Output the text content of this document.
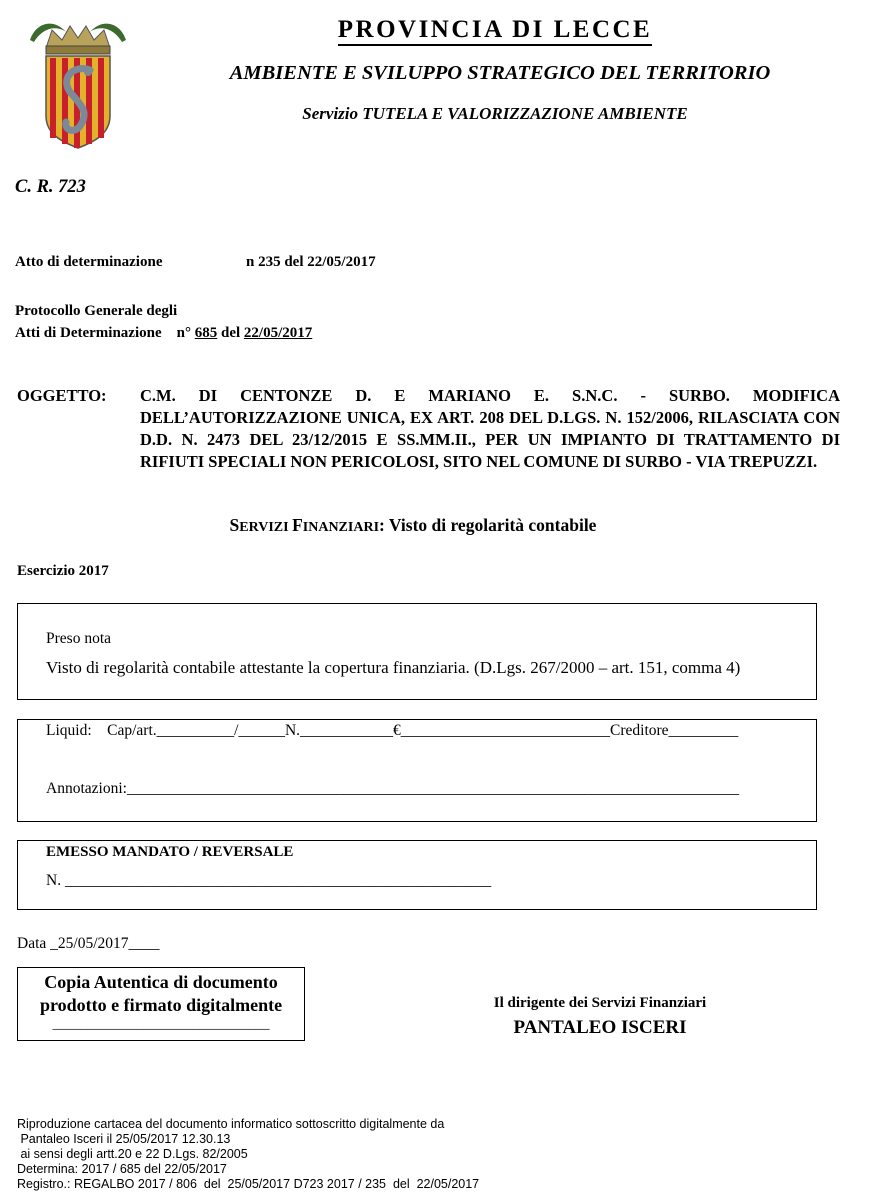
PROVINCIA DI LECCE
AMBIENTE E SVILUPPO STRATEGICO DEL TERRITORIO
Servizio TUTELA E VALORIZZAZIONE AMBIENTE
C. R. 723
Atto di determinazione	n 235 del 22/05/2017
Protocollo Generale degli
Atti di Determinazione n° 685 del 22/05/2017
OGGETTO: C.M. DI CENTONZE D. E MARIANO E. S.N.C. - SURBO. MODIFICA DELL’AUTORIZZAZIONE UNICA, EX ART. 208 DEL D.LGS. N. 152/2006, RILASCIATA CON D.D. N. 2473 DEL 23/12/2015 E SS.MM.II., PER UN IMPIANTO DI TRATTAMENTO DI RIFIUTI SPECIALI NON PERICOLOSI, SITO NEL COMUNE DI SURBO - VIA TREPUZZI.
SERVIZI FINANZIARI: Visto di regolarità contabile
Esercizio 2017
Preso nota
Visto di regolarità contabile attestante la copertura finanziaria. (D.Lgs. 267/2000 – art. 151, comma 4)
Liquid:    Cap/art.__________/______N.____________€___________________________Creditore_________
Annotazioni:_______________________________________________________________________________
EMESSO MANDATO / REVERSALE
N. _______________________________________________________
Data _25/05/2017____
Copia Autentica di documento
prodotto e firmato digitalmente
_______________________________
Il dirigente dei Servizi Finanziari
PANTALEO ISCERI
Riproduzione cartacea del documento informatico sottoscritto digitalmente da
Pantaleo Isceri il 25/05/2017 12.30.13
ai sensi degli artt.20 e 22 D.Lgs. 82/2005
Determina: 2017 / 685 del 22/05/2017
Registro.: REGALBO 2017 / 806  del  25/05/2017 D723 2017 / 235  del  22/05/2017
